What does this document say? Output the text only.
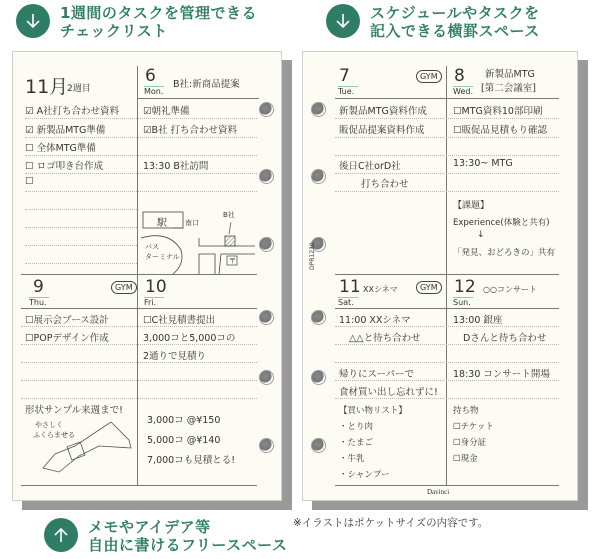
1週間のタスクを管理できる
チェックリスト
スケジュールやタスクを
記入できる横罫スペース
11月
2週目
6
Mon.
B社:新商品提案
☑ A社打ち合わせ資料
☑ 新製品MTG準備
☐ 全体MTG準備
☐ ロゴ叩き台作成
☐
☑朝礼準備
☑B社 打ち合わせ資料
13:30 B社訪問
駅	南口
B社
バス
ターミナル	〒
9
Thu.
GYM 10
Fri.
☐展示会ブース設計
☐POPデザイン作成
☐C社見積書提出
3,000コと5,000コの
2通りで見積り
形状サンプル来週まで!
やさしく
ふくらませる
3,000コ @¥150
5,000コ @¥140
7,000コも見積とる!
DPR1230
7
Tue.
GYM 8
Wed.
新製品MTG
[第二会議室]
新製品MTG資料作成
販促品提案資料作成
後日C社orD社
打ち合わせ
☐MTG資料10部印刷
☐販促品見積もり確認
13:30~ MTG
【課題】
Experience(体験と共有)
↓
「発見、おどろきの」共有
11
Sat.
XXシネマ	GYM 12
Sun.
○○コンサート
11:00 XXシネマ
△△と待ち合わせ
帰りにスーパーで
食材買い出し忘れずに!
13:00 銀座
Dさんと待ち合わせ
18:30 コンサート開場
【買い物リスト】
・とり肉
・たまご
・牛乳
・シャンプー
持ち物
☐チケット
☐身分証
☐現金
Davinci
メモやアイデア等
自由に書けるフリースペース
※イラストはポケットサイズの内容です。
